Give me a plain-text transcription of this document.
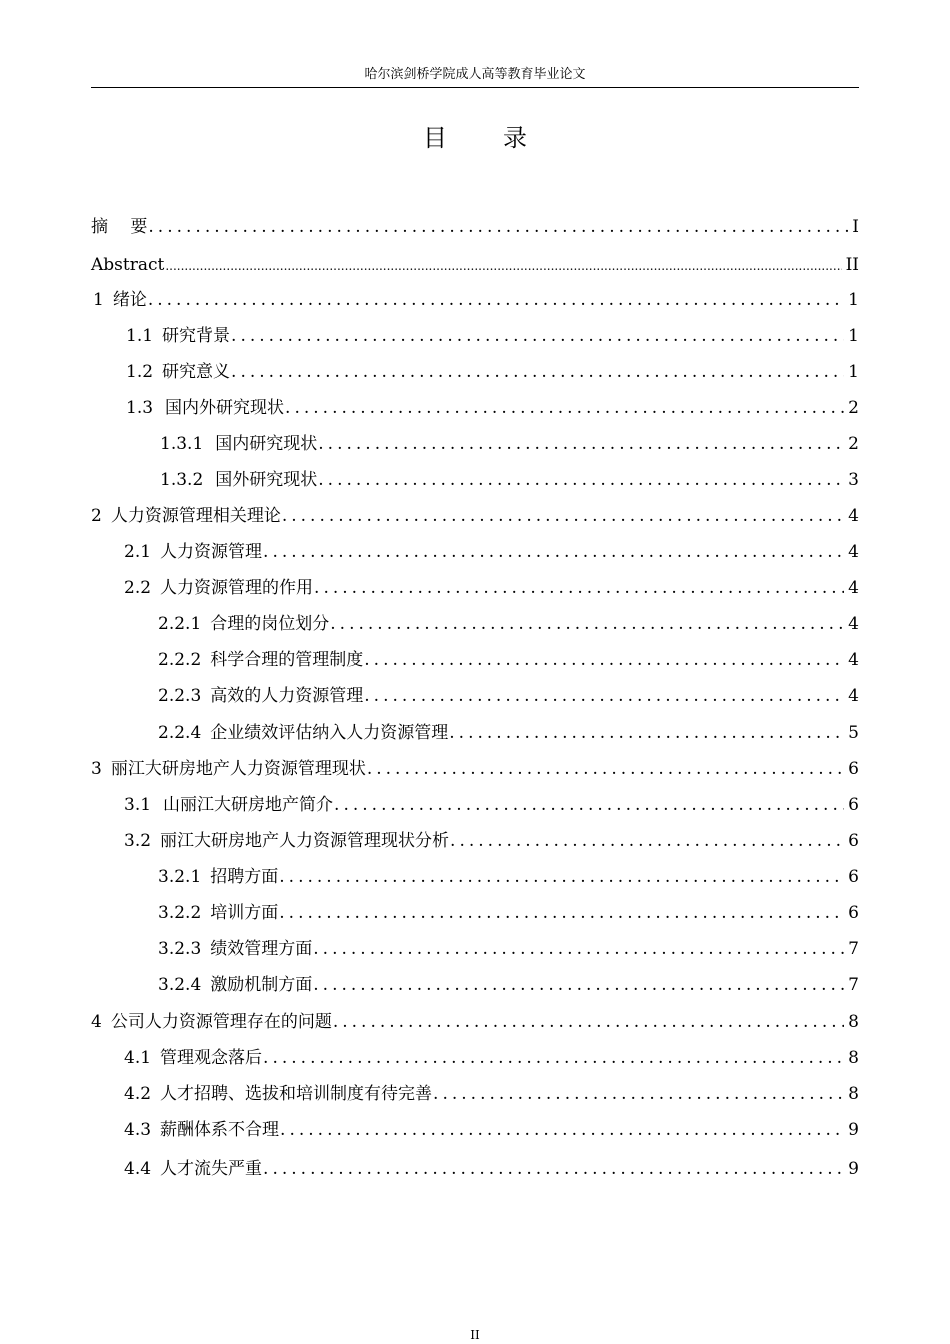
哈尔滨剑桥学院成人高等教育毕业论文
目　录
摘　 要 .....	I
Abstract .....	II
1 绪论 .....	1
1.1 研究背景 .....	1
1.2 研究意义 .....	1
1.3 国内外研究现状 .....	2
1.3.1 国内研究现状 .....	2
1.3.2 国外研究现状 .....	3
2 人力资源管理相关理论 .....	4
2.1 人力资源管理 .....	4
2.2 人力资源管理的作用 .....	4
2.2.1 合理的岗位划分 .....	4
2.2.2 科学合理的管理制度 .....	4
2.2.3 高效的人力资源管理 .....	4
2.2.4 企业绩效评估纳入人力资源管理 .....	5
3 丽江大研房地产人力资源管理现状 .....	6
3.1 山丽江大研房地产简介 .....	6
3.2 丽江大研房地产人力资源管理现状分析 .....	6
3.2.1 招聘方面 .....	6
3.2.2 培训方面 .....	6
3.2.3 绩效管理方面 .....	7
3.2.4 激励机制方面 .....	7
4 公司人力资源管理存在的问题 .....	8
4.1 管理观念落后 .....	8
4.2 人才招聘、选拔和培训制度有待完善 .....	8
4.3 薪酬体系不合理 .....	9
4.4 人才流失严重 .....	9
II
